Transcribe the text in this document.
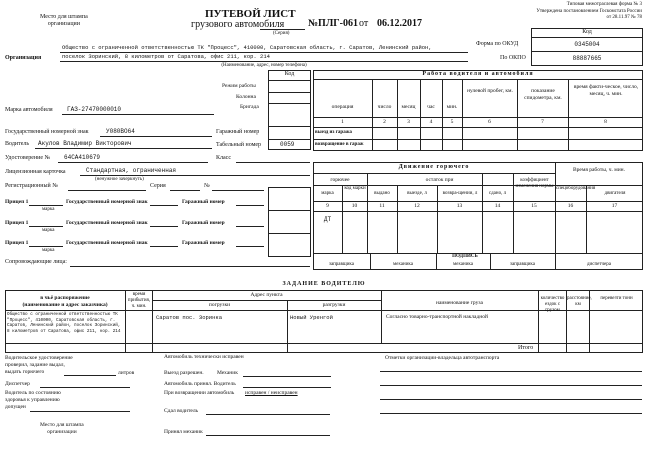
Место для штампа
организации
Типовая межотраслевая форма № 3
Утверждена постановлением Госкомстата России
от 28.11.97 № 78
ПУТЕВОЙ ЛИСТ
грузового автомобиля
(Серия)
№ПЛГ-061 от 06.12.2017
Код
Форма по ОКУД	0345004
По ОКПО	88887665
Организация
Общество с ограниченной ответственностью ТК "Процесс", 410000, Саратовская область, г. Саратов, Ленинский район,
поселок Зоринский, 8 километров от Саратова, офис 211, кор. 214
(Наименование, адрес, номер телефона)
Код
Режим работы
Колонна
Бригада
Марка автомобиля ГАЗ-27470000010
Государственный номерной знак	У080ВО64	Гаражный номер
Водитель Акулов Владимир Викторович	Табельный номер	0059
Удостоверение № 64СА410679	Класс
Лицензионная карточка	Стандартная, ограниченная
(ненужное зачеркнуть)
Регистрационный №	Серия	№
Прицеп 1
марка
Государственный номерной знак	Гаражный номер
Прицеп 1
марка
Государственный номерной знак	Гаражный номер
Прицеп 1
марка
Государственный номерной знак	Гаражный номер
Сопровождающие лица:
Работа водителя и автомобиля
операция	число	месяц	час	мин.
нулевой пробег, км.	показание спидометра, км.
время факти-ческое, число, месяц, ч. мин.
1	2	3	4	5	6	7	8
выезд из гаража
возвращение в гараж
Движение горючего	Время работы, ч. мин.
горючее	остаток при
марка
код марки
выдано	выезде, л	возвра-щении, л	сдано, л
коэффициент изменения нормы спецоборудования
двигателя
9	10	11	12	13	14	15	16	17
ДТ
ПОДПИСЬ
заправщика	механика	механика	заправщика	диспетчера
ЗАДАНИЕ ВОДИТЕЛЮ
в чьё распоряжение
(наименование и адрес заказчика)
время прибытия, ч. мин.
Адрес пункта
погрузки	разгрузки	наименование груза
количество ездок с грузом
расстояние, км
перевезти тонн
Общество с ограниченной ответственностью ТК "Процесс", 410000, Саратовская область, г. Саратов, Ленинский район, поселок Зоринский, 8 километров от Саратова, офис 211, кор. 214
Саратов пос. Зоринка	Новый Уренгой	Согласно товарно-транспортной накладной
Итого
Водительское удостоверение
проверил, задание выдал,
выдать горючего	литров
Диспетчер
Водитель по состоянию
здоровья к управлению
допущен
Место для штампа
организации
Автомобиль технически исправен
Выезд разрешен. Механик
Автомобиль принял. Водитель
При возвращении автомобиль исправен / неисправен
Сдал водитель
Принял механик
Отметки организации-владельца автотранспорта
